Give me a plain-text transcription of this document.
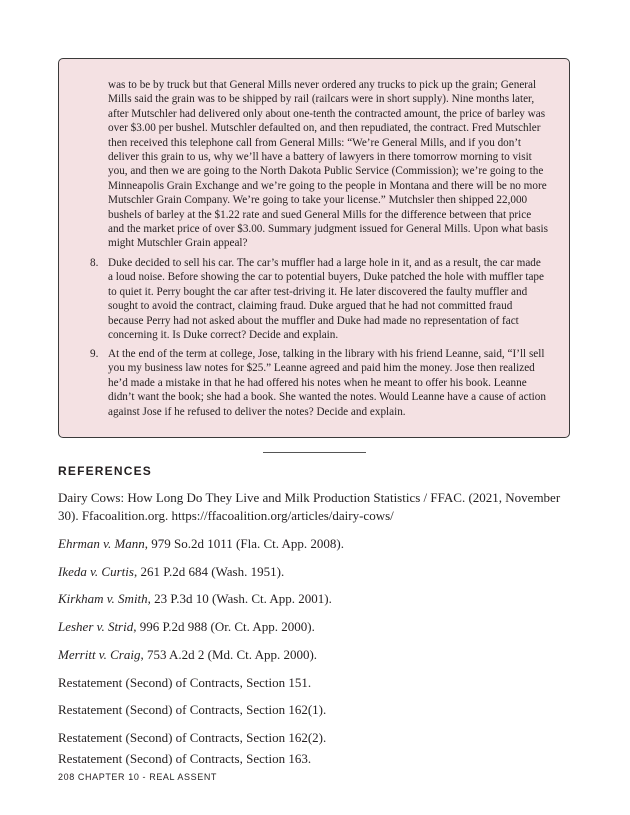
was to be by truck but that General Mills never ordered any trucks to pick up the grain; General Mills said the grain was to be shipped by rail (railcars were in short supply). Nine months later, after Mutschler had delivered only about one-tenth the contracted amount, the price of barley was over $3.00 per bushel. Mutschler defaulted on, and then repudiated, the contract. Fred Mutschler then received this telephone call from General Mills: “We’re General Mills, and if you don’t deliver this grain to us, why we’ll have a battery of lawyers in there tomorrow morning to visit you, and then we are going to the North Dakota Public Service (Commission); we’re going to the Minneapolis Grain Exchange and we’re going to the people in Montana and there will be no more Mutschler Grain Company. We’re going to take your license.” Mutchsler then shipped 22,000 bushels of barley at the $1.22 rate and sued General Mills for the difference between that price and the market price of over $3.00. Summary judgment issued for General Mills. Upon what basis might Mutschler Grain appeal?

8. Duke decided to sell his car. The car’s muffler had a large hole in it, and as a result, the car made a loud noise. Before showing the car to potential buyers, Duke patched the hole with muffler tape to quiet it. Perry bought the car after test-driving it. He later discovered the faulty muffler and sought to avoid the contract, claiming fraud. Duke argued that he had not committed fraud because Perry had not asked about the muffler and Duke had made no representation of fact concerning it. Is Duke correct? Decide and explain.

9. At the end of the term at college, Jose, talking in the library with his friend Leanne, said, “I’ll sell you my business law notes for $25.” Leanne agreed and paid him the money. Jose then realized he’d made a mistake in that he had offered his notes when he meant to offer his book. Leanne didn’t want the book; she had a book. She wanted the notes. Would Leanne have a cause of action against Jose if he refused to deliver the notes? Decide and explain.

REFERENCES

Dairy Cows: How Long Do They Live and Milk Production Statistics / FFAC. (2021, November 30). Ffacoalition.org. https://ffacoalition.org/articles/dairy-cows/

Ehrman v. Mann, 979 So.2d 1011 (Fla. Ct. App. 2008).

Ikeda v. Curtis, 261 P.2d 684 (Wash. 1951).

Kirkham v. Smith, 23 P.3d 10 (Wash. Ct. App. 2001).

Lesher v. Strid, 996 P.2d 988 (Or. Ct. App. 2000).

Merritt v. Craig, 753 A.2d 2 (Md. Ct. App. 2000).

Restatement (Second) of Contracts, Section 151.

Restatement (Second) of Contracts, Section 162(1).

Restatement (Second) of Contracts, Section 162(2).

Restatement (Second) of Contracts, Section 163.

208 CHAPTER 10 - REAL ASSENT
